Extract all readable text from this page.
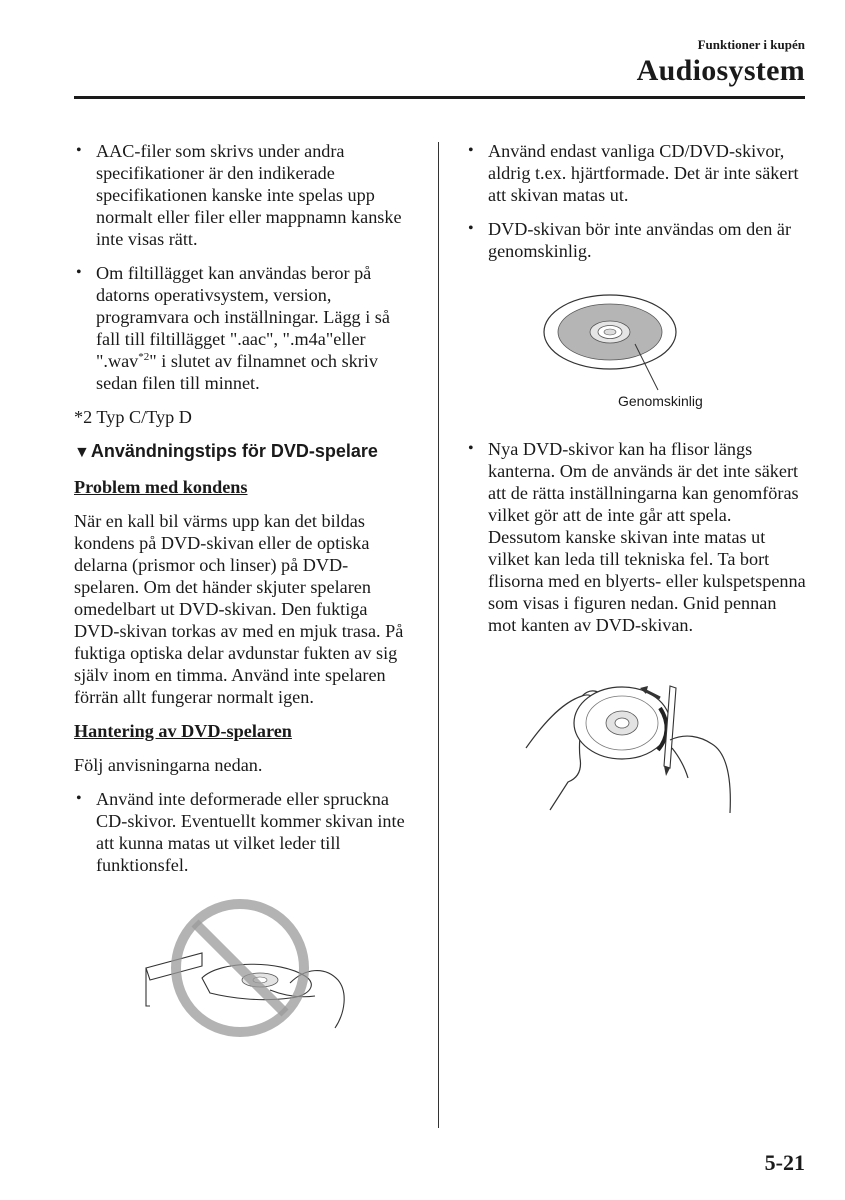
Funktioner i kupén
Audiosystem
• AAC-filer som skrivs under andra specifikationer är den indikerade specifikationen kanske inte spelas upp normalt eller filer eller mappnamn kanske inte visas rätt.
• Om filtillägget kan användas beror på datorns operativsystem, version, programvara och inställningar. Lägg i så fall till filtillägget ".aac", ".m4a"eller ".wav$^{*2}$" i slutet av filnamnet och skriv sedan filen till minnet.
*2 Typ C/Typ D
▼Användningstips för DVD-spelare
Problem med kondens

När en kall bil värms upp kan det bildas kondens på DVD-skivan eller de optiska delarna (prismor och linser) på DVD-spelaren. Om det händer skjuter spelaren omedelbart ut DVD-skivan. Den fuktiga DVD-skivan torkas av med en mjuk trasa. På fuktiga optiska delar avdunstar fukten av sig själv inom en timma. Använd inte spelaren förrän allt fungerar normalt igen.

Hantering av DVD-spelaren

Följ anvisningarna nedan.

• Använd inte deformerade eller spruckna CD-skivor. Eventuellt kommer skivan inte att kunna matas ut vilket leder till funktionsfel.
• Använd endast vanliga CD/DVD-skivor, aldrig t.ex. hjärtformade. Det är inte säkert att skivan matas ut.
• DVD-skivan bör inte användas om den är genomskinlig.
• Nya DVD-skivor kan ha flisor längs kanterna. Om de används är det inte säkert att de rätta inställningarna kan genomföras vilket gör att de inte går att spela. Dessutom kanske skivan inte matas ut vilket kan leda till tekniska fel. Ta bort flisorna med en blyerts- eller kulspetspenna som visas i figuren nedan. Gnid pennan mot kanten av DVD-skivan.
Genomskinlig
5-21
